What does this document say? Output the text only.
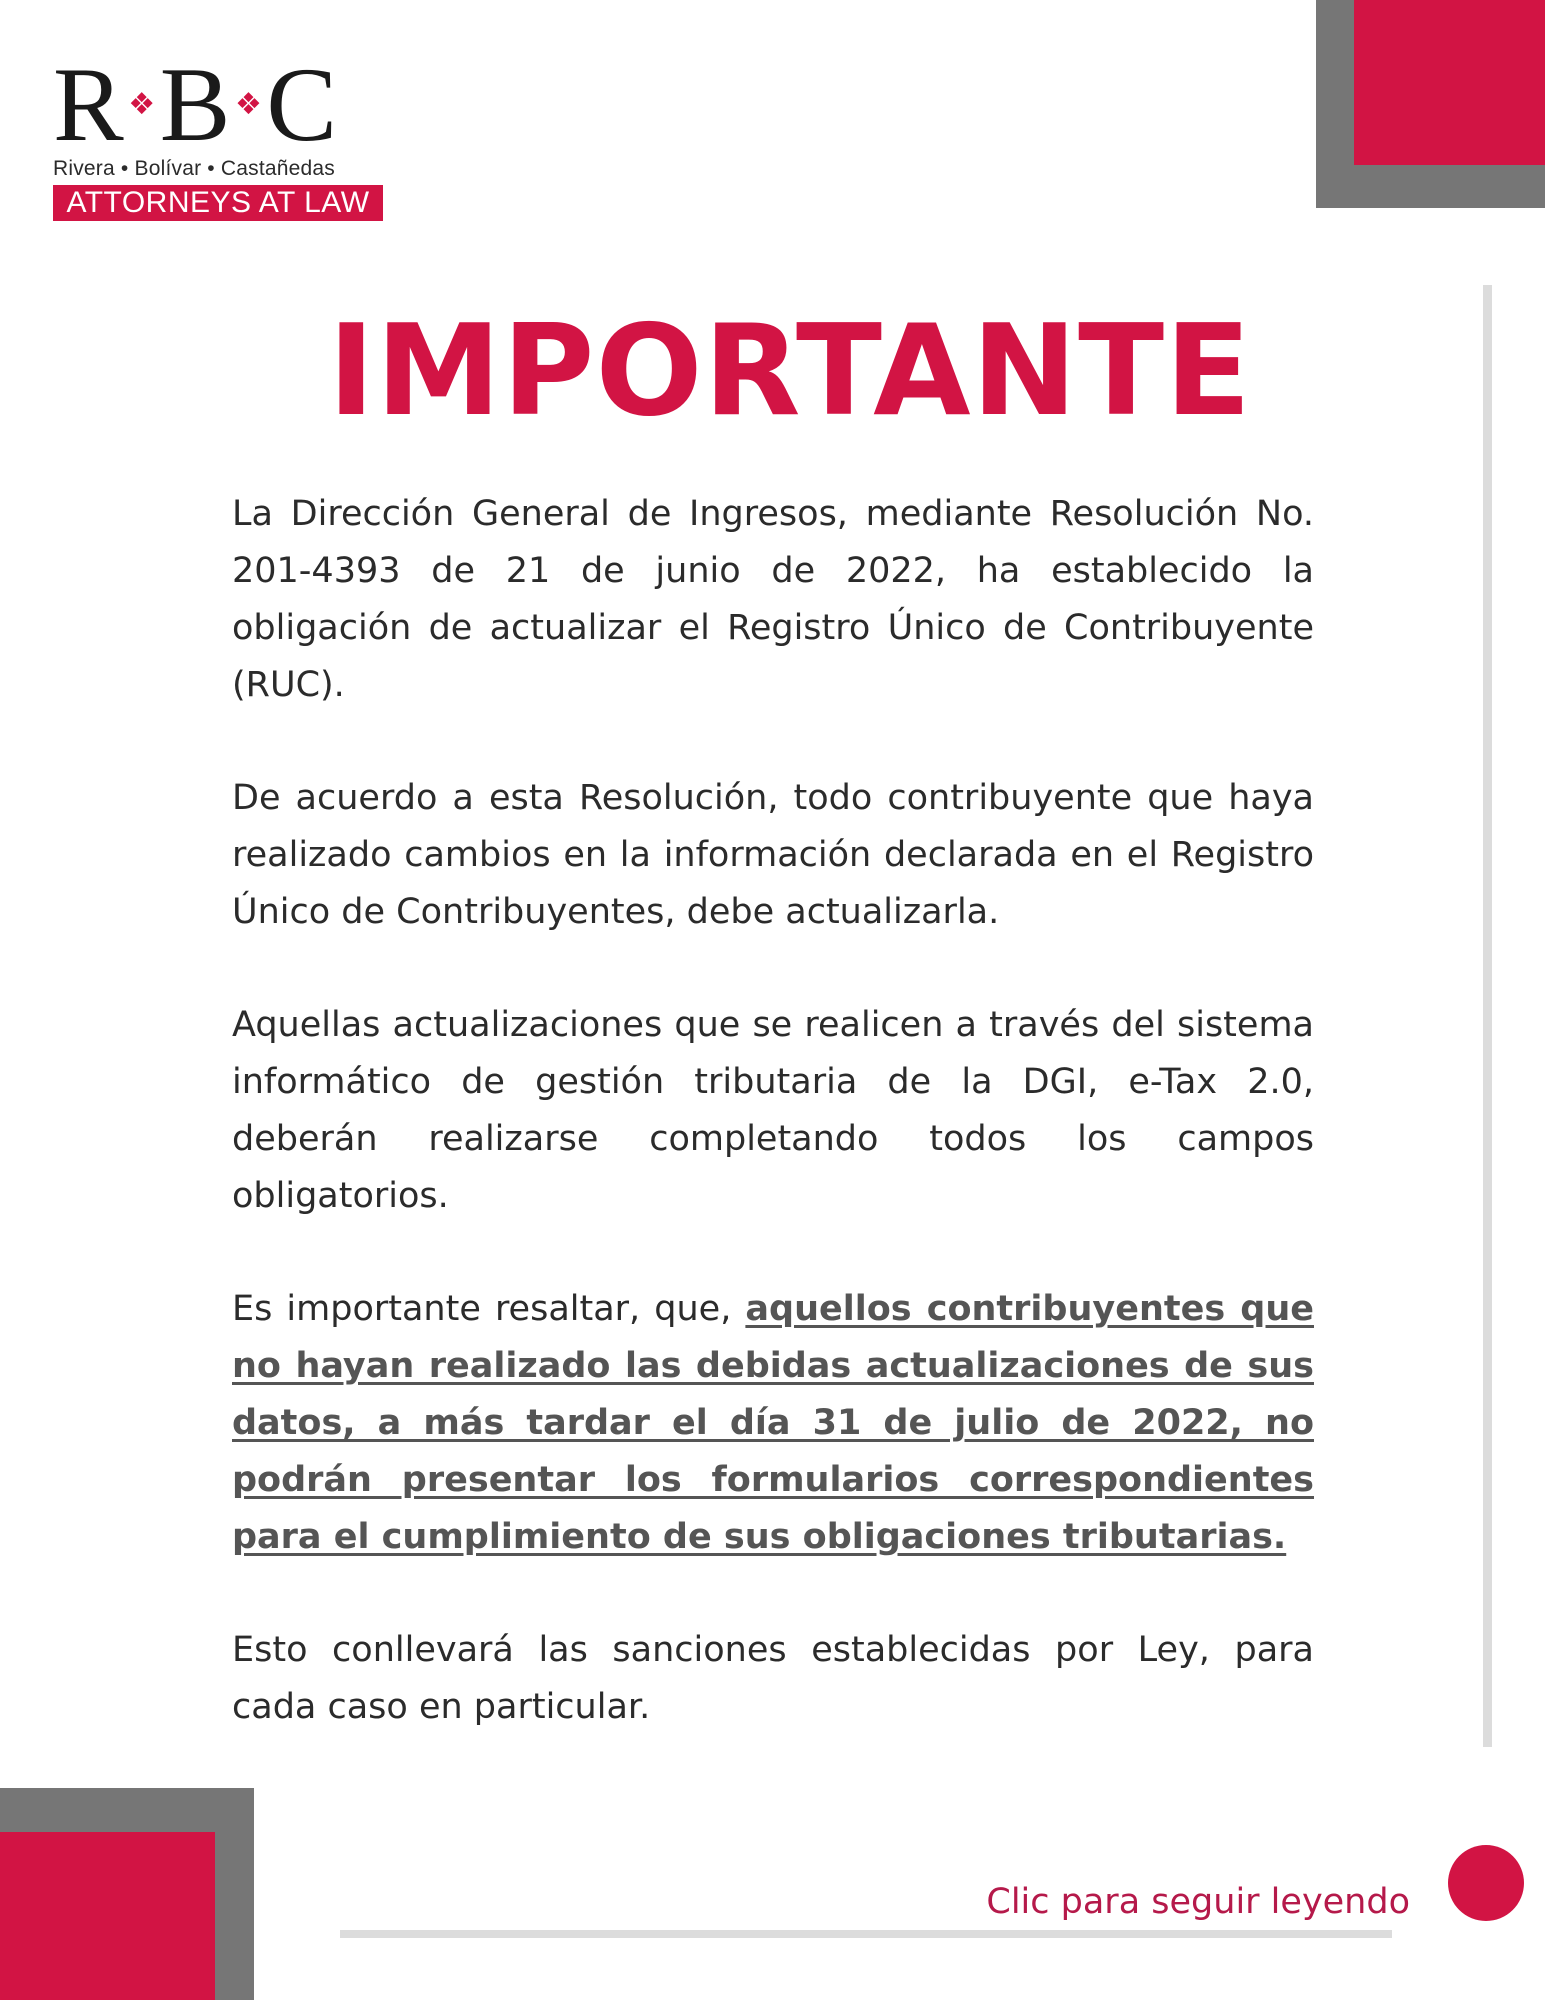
R ❖ B ❖ C
Rivera • Bolívar • Castañedas
ATTORNEYS AT LAW
IMPORTANTE

La Dirección General de Ingresos, mediante Resolución No. 201-4393 de 21 de junio de 2022, ha establecido la obligación de actualizar el Registro Único de Contribuyente (RUC).

De acuerdo a esta Resolución, todo contribuyente que haya realizado cambios en la información declarada en el Registro Único de Contribuyentes, debe actualizarla.

Aquellas actualizaciones que se realicen a través del sistema informático de gestión tributaria de la DGI, e-Tax 2.0, deberán realizarse completando todos los campos obligatorios.

Es importante resaltar, que, aquellos contribuyentes que no hayan realizado las debidas actualizaciones de sus datos, a más tardar el día 31 de julio de 2022, no podrán presentar los formularios correspondientes para el cumplimiento de sus obligaciones tributarias.

Esto conllevará las sanciones establecidas por Ley, para cada caso en particular.

Clic para seguir leyendo
